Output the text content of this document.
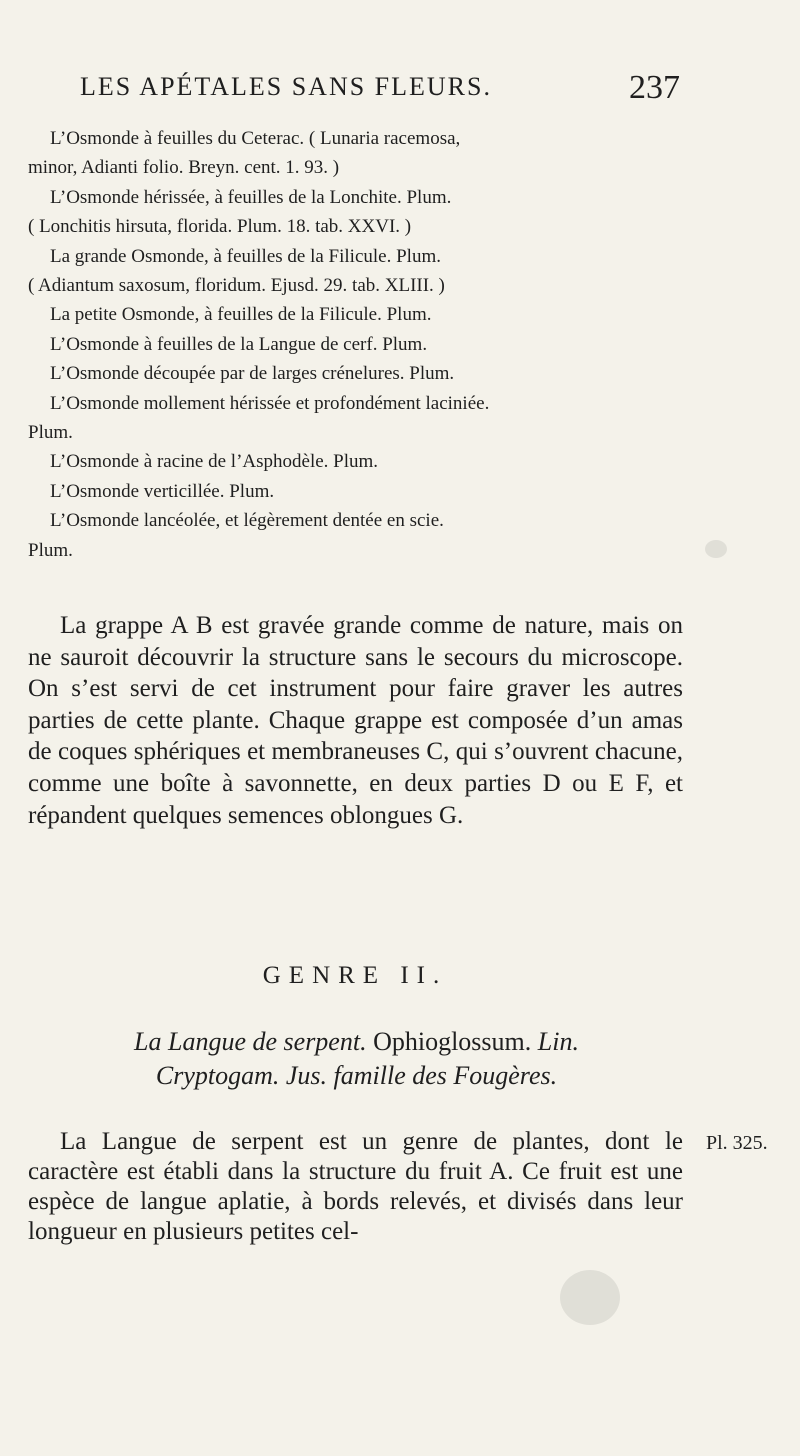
LES APÉTALES SANS FLEURS.	237

L’Osmonde à feuilles du Ceterac. ( Lunaria racemosa,

minor, Adianti folio. Breyn. cent. 1. 93. )

L’Osmonde hérissée, à feuilles de la Lonchite. Plum.

( Lonchitis hirsuta, florida. Plum. 18. tab. XXVI. )

La grande Osmonde, à feuilles de la Filicule. Plum.

( Adiantum saxosum, floridum. Ejusd. 29. tab. XLIII. )

La petite Osmonde, à feuilles de la Filicule. Plum.

L’Osmonde à feuilles de la Langue de cerf. Plum.

L’Osmonde découpée par de larges crénelures. Plum.

L’Osmonde mollement hérissée et profondément laciniée.

Plum.

L’Osmonde à racine de l’Asphodèle. Plum.

L’Osmonde verticillée. Plum.

L’Osmonde lancéolée, et légèrement dentée en scie.

Plum.

La grappe A B est gravée grande comme de nature, mais on ne sauroit découvrir la structure sans le secours du microscope. On s’est servi de cet instrument pour faire graver les autres parties de cette plante. Chaque grappe est composée d’un amas de coques sphériques et membraneuses C, qui s’ouvrent chacune, comme une boîte à savonnette, en deux parties D ou E F, et répandent quelques semences oblongues G.

GENRE II.
La Langue de serpent. Ophioglossum. Lin.
Cryptogam. Jus. famille des Fougères.
Pl. 325.

La Langue de serpent est un genre de plantes, dont le caractère est établi dans la structure du fruit A. Ce fruit est une espèce de langue aplatie, à bords relevés, et divisés dans leur longueur en plusieurs petites cel-
